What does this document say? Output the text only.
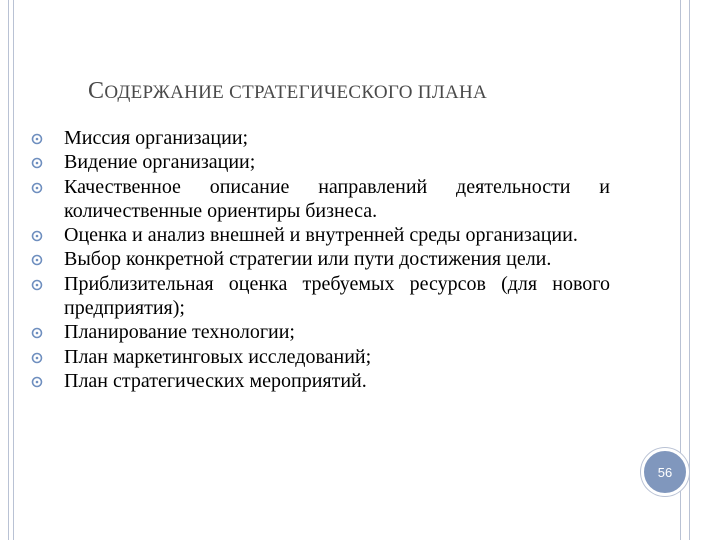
СОДЕРЖАНИЕ СТРАТЕГИЧЕСКОГО ПЛАНА
Миссия организации;
Видение организации;
Качественное описание направлений деятельности и количественные ориентиры бизнеса.
Оценка и анализ внешней и внутренней среды организации.
Выбор конкретной стратегии или пути достижения цели.
Приблизительная оценка требуемых ресурсов (для нового предприятия);
Планирование технологии;
План маркетинговых исследований;
План стратегических мероприятий.
56
